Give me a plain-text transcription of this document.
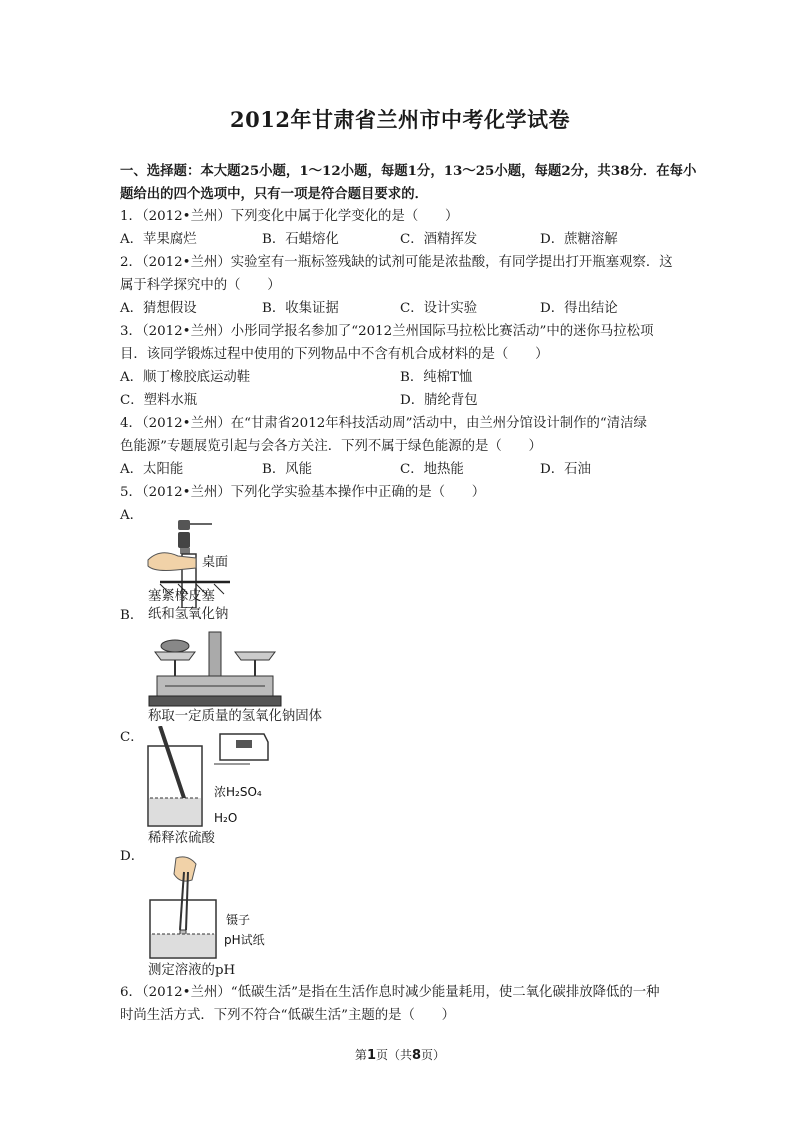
2012年甘肃省兰州市中考化学试卷
一、选择题：本大题25小题，1～12小题，每题1分，13～25小题，每题2分，共38分．在每小
题给出的四个选项中，只有一项是符合题目要求的．
1．（2012•兰州）下列变化中属于化学变化的是（　　）
A．苹果腐烂	B．石蜡熔化	C．酒精挥发	D．蔗糖溶解
2．（2012•兰州）实验室有一瓶标签残缺的试剂可能是浓盐酸，有同学提出打开瓶塞观察．这
属于科学探究中的（　　）
A．猜想假设	B．收集证据	C．设计实验	D．得出结论
3．（2012•兰州）小彤同学报名参加了“2012兰州国际马拉松比赛活动”中的迷你马拉松项
目．该同学锻炼过程中使用的下列物品中不含有机合成材料的是（　　）
A．顺丁橡胶底运动鞋	B．纯棉T恤
C．塑料水瓶	D．腈纶背包
4．（2012•兰州）在“甘肃省2012年科技活动周”活动中，由兰州分馆设计制作的“清洁绿
色能源”专题展览引起与会各方关注．下列不属于绿色能源的是（　　）
A．太阳能	B．风能	C．地热能	D．石油
5．（2012•兰州）下列化学实验基本操作中正确的是（　　）
A．
桌面
塞紧橡皮塞
B． 纸和氢氧化钠
称取一定质量的氢氧化钠固体
C．
浓H₂SO₄
H₂O
稀释浓硫酸
D．
镊子
pH试纸
测定溶液的pH
6．（2012•兰州）“低碳生活”是指在生活作息时减少能量耗用，使二氧化碳排放降低的一种
时尚生活方式．下列不符合“低碳生活”主题的是（　　）
第1页（共8页）
